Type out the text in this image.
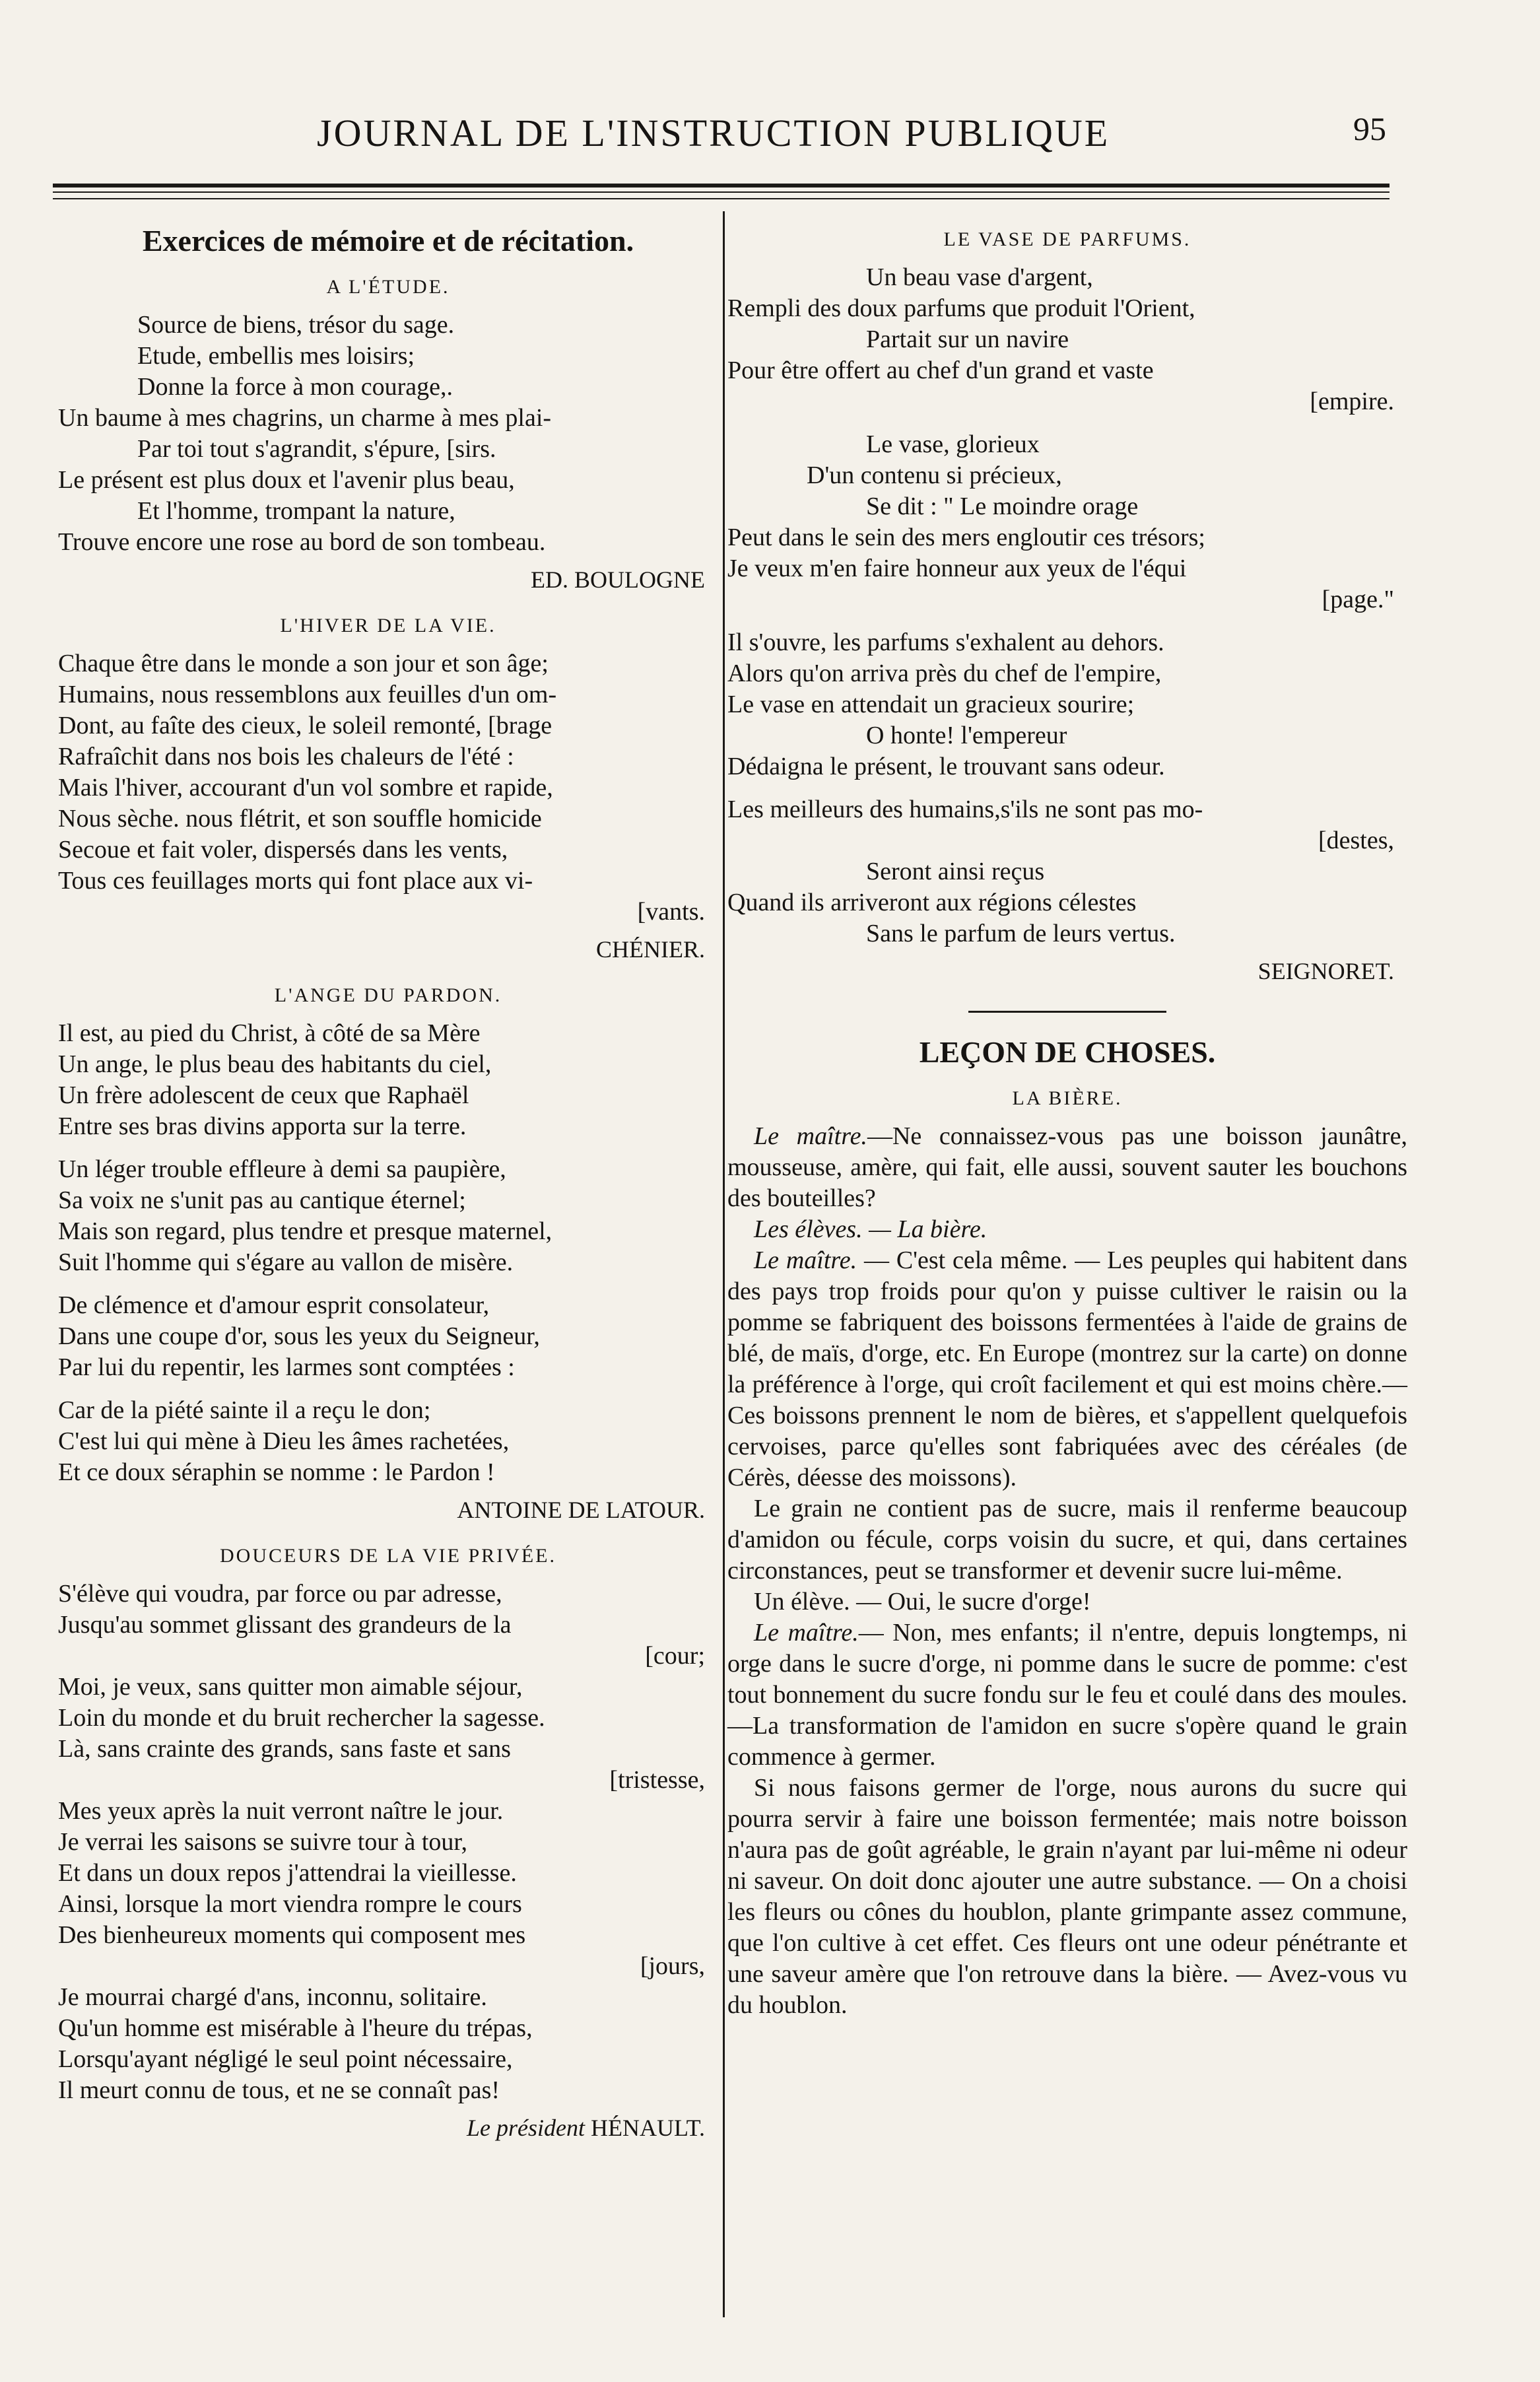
JOURNAL DE L'INSTRUCTION PUBLIQUE	95
Exercices de mémoire et de récitation.
A L'ÉTUDE.
Source de biens, trésor du sage.
Etude, embellis mes loisirs;
Donne la force à mon courage,.
Un baume à mes chagrins, un charme à mes plai-
Par toi tout s'agrandit, s'épure, [sirs.
Le présent est plus doux et l'avenir plus beau,
Et l'homme, trompant la nature,
Trouve encore une rose au bord de son tombeau.
ED. BOULOGNE
L'HIVER DE LA VIE.
Chaque être dans le monde a son jour et son âge;
Humains, nous ressemblons aux feuilles d'un om-
Dont, au faîte des cieux, le soleil remonté, [brage
Rafraîchit dans nos bois les chaleurs de l'été :
Mais l'hiver, accourant d'un vol sombre et rapide,
Nous sèche. nous flétrit, et son souffle homicide
Secoue et fait voler, dispersés dans les vents,
Tous ces feuillages morts qui font place aux vi-
[vants.
CHÉNIER.
L'ANGE DU PARDON.
Il est, au pied du Christ, à côté de sa Mère
Un ange, le plus beau des habitants du ciel,
Un frère adolescent de ceux que Raphaël
Entre ses bras divins apporta sur la terre.
Un léger trouble effleure à demi sa paupière,
Sa voix ne s'unit pas au cantique éternel;
Mais son regard, plus tendre et presque maternel,
Suit l'homme qui s'égare au vallon de misère.
De clémence et d'amour esprit consolateur,
Dans une coupe d'or, sous les yeux du Seigneur,
Par lui du repentir, les larmes sont comptées :
Car de la piété sainte il a reçu le don;
C'est lui qui mène à Dieu les âmes rachetées,
Et ce doux séraphin se nomme : le Pardon !
ANTOINE DE LATOUR.
DOUCEURS DE LA VIE PRIVÉE.
S'élève qui voudra, par force ou par adresse,
Jusqu'au sommet glissant des grandeurs de la
[cour;
Moi, je veux, sans quitter mon aimable séjour,
Loin du monde et du bruit rechercher la sagesse.
Là, sans crainte des grands, sans faste et sans
[tristesse,
Mes yeux après la nuit verront naître le jour.
Je verrai les saisons se suivre tour à tour,
Et dans un doux repos j'attendrai la vieillesse.
Ainsi, lorsque la mort viendra rompre le cours
Des bienheureux moments qui composent mes
[jours,
Je mourrai chargé d'ans, inconnu, solitaire.
Qu'un homme est misérable à l'heure du trépas,
Lorsqu'ayant négligé le seul point nécessaire,
Il meurt connu de tous, et ne se connaît pas!
Le président HÉNAULT.
LE VASE DE PARFUMS.
Un beau vase d'argent,
Rempli des doux parfums que produit l'Orient,
Partait sur un navire
Pour être offert au chef d'un grand et vaste
[empire.
Le vase, glorieux
D'un contenu si précieux,
Se dit : " Le moindre orage
Peut dans le sein des mers engloutir ces trésors;
Je veux m'en faire honneur aux yeux de l'équi
[page."
Il s'ouvre, les parfums s'exhalent au dehors.
Alors qu'on arriva près du chef de l'empire,
Le vase en attendait un gracieux sourire;
O honte! l'empereur
Dédaigna le présent, le trouvant sans odeur.
Les meilleurs des humains,s'ils ne sont pas mo-
[destes,
Seront ainsi reçus
Quand ils arriveront aux régions célestes
Sans le parfum de leurs vertus.
SEIGNORET.
LEÇON DE CHOSES.
LA BIÈRE.

Le maître.—Ne connaissez-vous pas une boisson jaunâtre, mousseuse, amère, qui fait, elle aussi, souvent sauter les bouchons des bouteilles?

Les élèves. — La bière.

Le maître. — C'est cela même. — Les peuples qui habitent dans des pays trop froids pour qu'on y puisse cultiver le raisin ou la pomme se fabriquent des boissons fermentées à l'aide de grains de blé, de maïs, d'orge, etc. En Europe (montrez sur la carte) on donne la préférence à l'orge, qui croît facilement et qui est moins chère.— Ces boissons prennent le nom de bières, et s'appellent quelquefois cervoises, parce qu'elles sont fabriquées avec des céréales (de Cérès, déesse des moissons).

Le grain ne contient pas de sucre, mais il renferme beaucoup d'amidon ou fécule, corps voisin du sucre, et qui, dans certaines circonstances, peut se transformer et devenir sucre lui-même.

Un élève. — Oui, le sucre d'orge!

Le maître.— Non, mes enfants; il n'entre, depuis longtemps, ni orge dans le sucre d'orge, ni pomme dans le sucre de pomme: c'est tout bonnement du sucre fondu sur le feu et coulé dans des moules.—La transformation de l'amidon en sucre s'opère quand le grain commence à germer.

Si nous faisons germer de l'orge, nous aurons du sucre qui pourra servir à faire une boisson fermentée; mais notre boisson n'aura pas de goût agréable, le grain n'ayant par lui-même ni odeur ni saveur. On doit donc ajouter une autre substance. — On a choisi les fleurs ou cônes du houblon, plante grimpante assez commune, que l'on cultive à cet effet. Ces fleurs ont une odeur pénétrante et une saveur amère que l'on retrouve dans la bière. — Avez-vous vu du houblon.
